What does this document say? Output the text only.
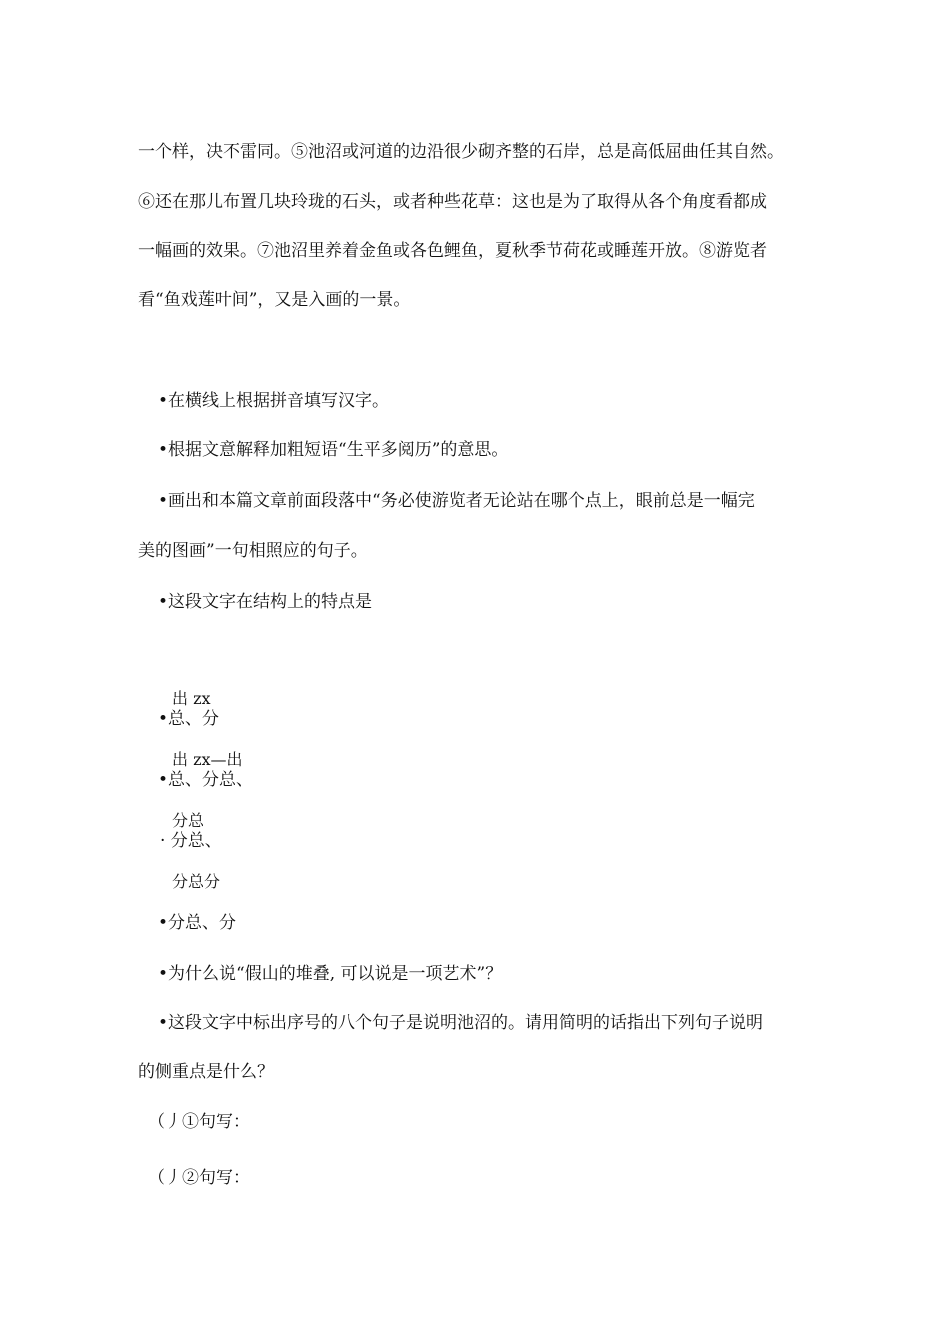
一个样，决不雷同。⑤池沼或河道的边沿很少砌齐整的石岸，总是高低屈曲任其自然。
⑥还在那儿布置几块玲珑的石头，或者种些花草：这也是为了取得从各个角度看都成
一幅画的效果。⑦池沼里养着金鱼或各色鲤鱼，夏秋季节荷花或睡莲开放。⑧游览者
看“鱼戏莲叶间”，又是入画的一景。
•在横线上根据拼音填写汉字。
•根据文意解释加粗短语“生平多阅历”的意思。
•画出和本篇文章前面段落中“务必使游览者无论站在哪个点上，眼前总是一幅完
美的图画”一句相照应的句子。
•这段文字在结构上的特点是
出 zx
•总、分
出 zx—出
•总、分总、
分总
· 分总、
分总分
•分总、分
•为什么说“假山的堆叠, 可以说是一项艺术”？
•这段文字中标出序号的八个句子是说明池沼的。请用简明的话指出下列句子说明
的侧重点是什么？
（丿①句写：
（丿②句写：
